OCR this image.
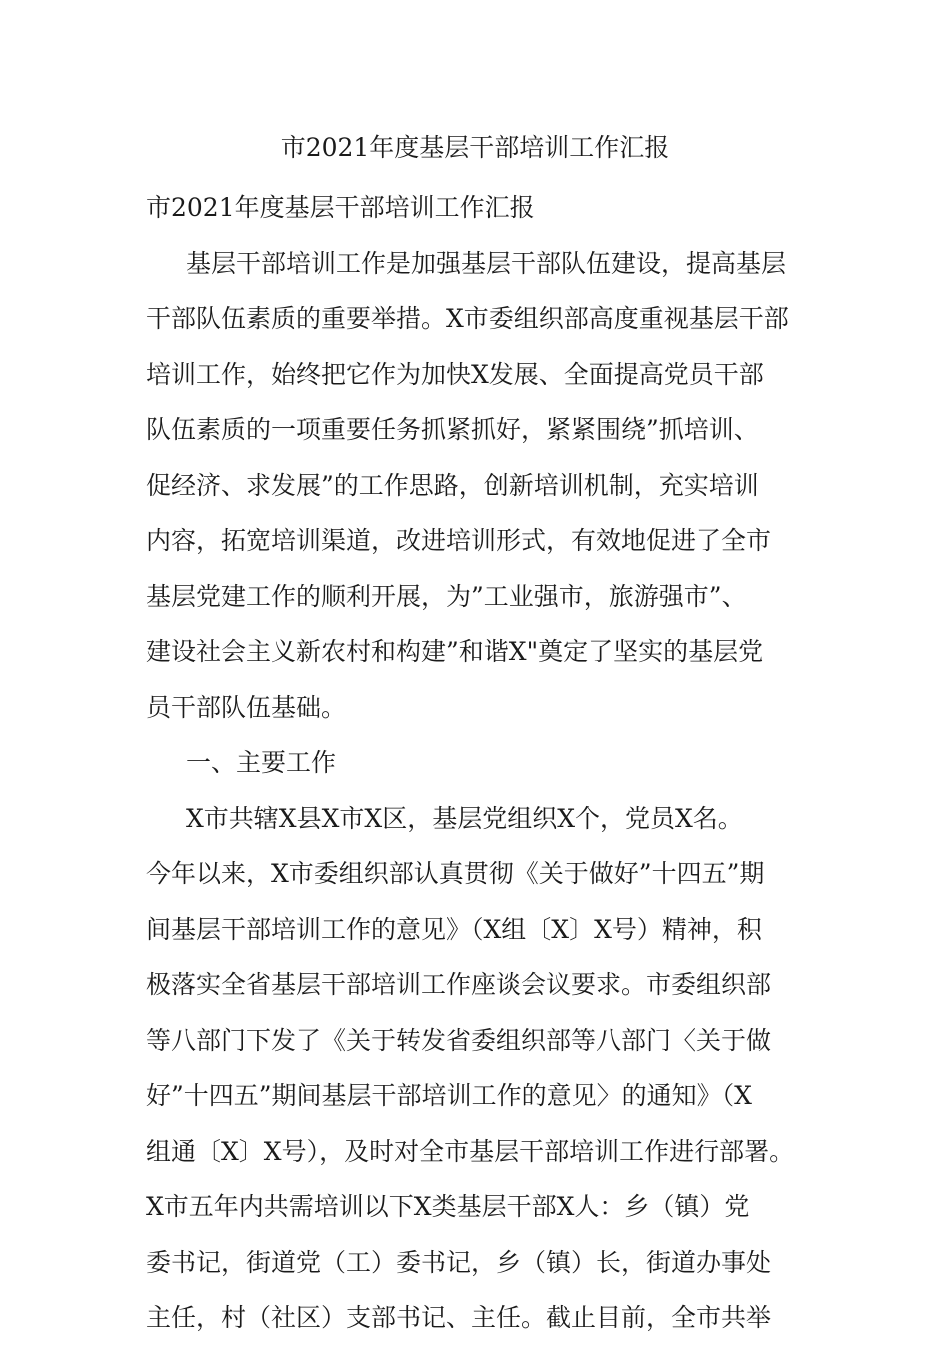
市2021年度基层干部培训工作汇报
市2021年度基层干部培训工作汇报
基层干部培训工作是加强基层干部队伍建设，提高基层
干部队伍素质的重要举措。X市委组织部高度重视基层干部
培训工作，始终把它作为加快X发展、全面提高党员干部
队伍素质的一项重要任务抓紧抓好，紧紧围绕”抓培训、
促经济、求发展”的工作思路，创新培训机制，充实培训
内容，拓宽培训渠道，改进培训形式，有效地促进了全市
基层党建工作的顺利开展，为”工业强市，旅游强市”、
建设社会主义新农村和构建”和谐X"奠定了坚实的基层党
员干部队伍基础。
一、主要工作
X市共辖X县X市X区，基层党组织X个，党员X名。
今年以来，X市委组织部认真贯彻《关于做好”十四五”期
间基层干部培训工作的意见》（X组〔X〕X号）精神，积
极落实全省基层干部培训工作座谈会议要求。市委组织部
等八部门下发了《关于转发省委组织部等八部门〈关于做
好”十四五”期间基层干部培训工作的意见〉的通知》（X
组通〔X〕X号），及时对全市基层干部培训工作进行部署。
X市五年内共需培训以下X类基层干部X人：乡（镇）党
委书记，街道党（工）委书记，乡（镇）长，街道办事处
主任，村（社区）支部书记、主任。截止目前，全市共举
